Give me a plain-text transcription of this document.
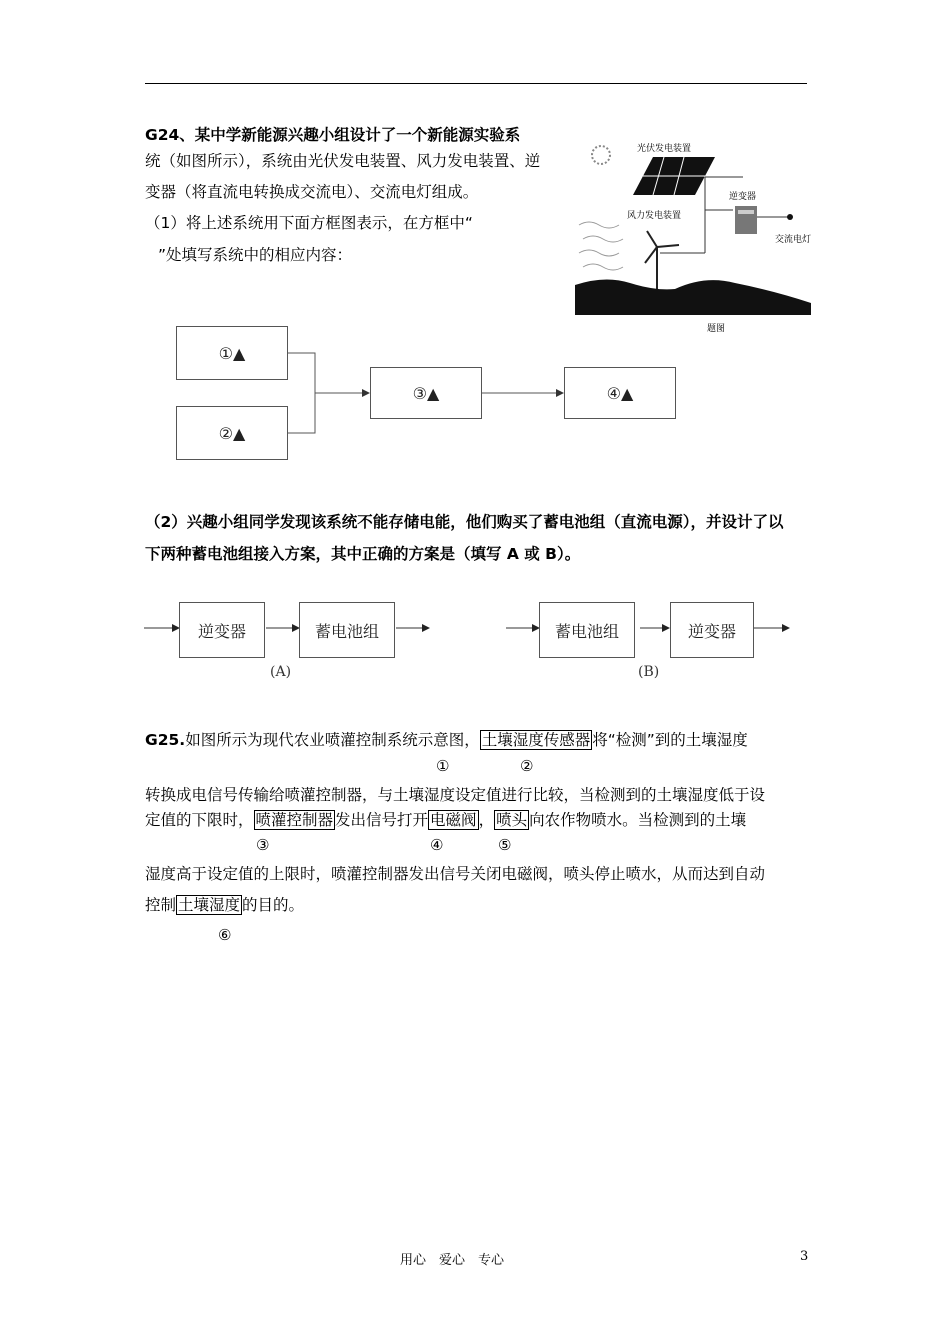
G24、某中学新能源兴趣小组设计了一个新能源实验系
统（如图所示），系统由光伏发电装置、风力发电装置、逆
变器（将直流电转换成交流电）、交流电灯组成。
（1）将上述系统用下面方框图表示，在方框中“
”处填写系统中的相应内容：
光伏发电装置
风力发电装置
逆变器
交流电灯
题图
①▲
②▲
③▲	④▲
（2）兴趣小组同学发现该系统不能存储电能，他们购买了蓄电池组（直流电源），并设计了以
下两种蓄电池组接入方案，其中正确的方案是（填写 A 或 B）。
逆变器	蓄电池组
(A)
蓄电池组	逆变器
(B)
G25.如图所示为现代农业喷灌控制系统示意图， 土壤湿度传感器 将“检测”到的土壤湿度
①	②
转换成电信号传输给喷灌控制器，与土壤湿度设定值进行比较，当检测到的土壤湿度低于设
定值的下限时， 喷灌控制器 发出信号打开 电磁阀 ， 喷头 向农作物喷水。当检测到的土壤
③	④	⑤
湿度高于设定值的上限时，喷灌控制器发出信号关闭电磁阀，喷头停止喷水，从而达到自动
控制 土壤湿度 的目的。
⑥
用心　爱心　专心	3
